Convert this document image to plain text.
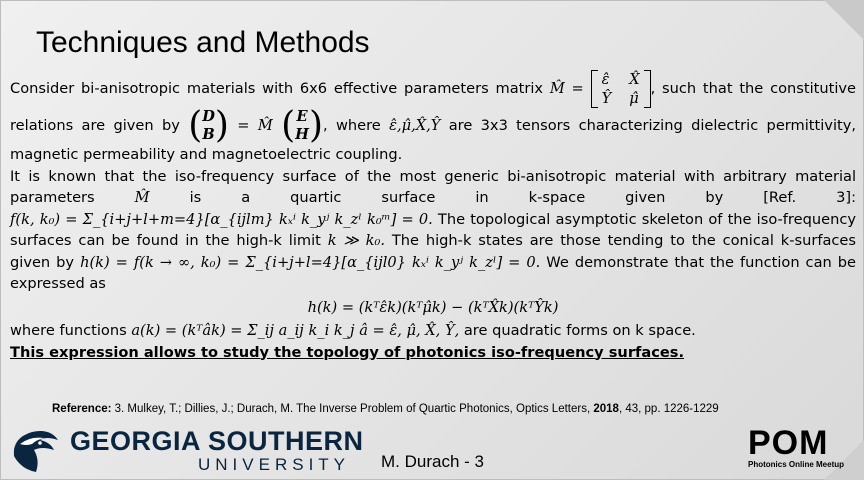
Techniques and Methods

Consider bi-anisotropic materials with 6x6 effective parameters matrix M̂ =
ε̂ X̂
Ŷ μ̂
, such that the constitutive relations are given by ( D
B ) = M̂ ( E
H ) , where ε̂,μ̂,X̂,Ŷ are 3x3 tensors characterizing dielectric permittivity, magnetic permeability and magnetoelectric coupling.

It is known that the iso-frequency surface of the most generic bi-anisotropic material with arbitrary material parameters M̂ is a quartic surface in k-space given by [Ref. 3]: f(k, k₀) = Σ_{i+j+l+m=4}[α_{ijlm} kₓⁱ k_yʲ k_zˡ k₀ᵐ] = 0. The topological asymptotic skeleton of the iso-frequency surfaces can be found in the high-k limit k ≫ k₀. The high-k states are those tending to the conical k-surfaces given by h(k) = f(k → ∞, k₀) = Σ_{i+j+l=4}[α_{ijl0} kₓⁱ k_yʲ k_zˡ] = 0. We demonstrate that the function can be expressed as

h(k) = (kᵀε̂k)(kᵀμ̂k) − (kᵀX̂k)(kᵀŶk)

where functions a(k) = (kᵀâk) = Σ_ij a_ij k_i k_j â = ε̂, μ̂, X̂, Ŷ, are quadratic forms on k space.

This expression allows to study the topology of photonics iso-frequency surfaces.

Reference: 3. Mulkey, T.; Dillies, J.; Durach, M. The Inverse Problem of Quartic Photonics, Optics Letters, 2018, 43, pp. 1226-1229
GEORGIA SOUTHERN
UNIVERSITY M. Durach - 3	POM
Photonics Online Meetup
